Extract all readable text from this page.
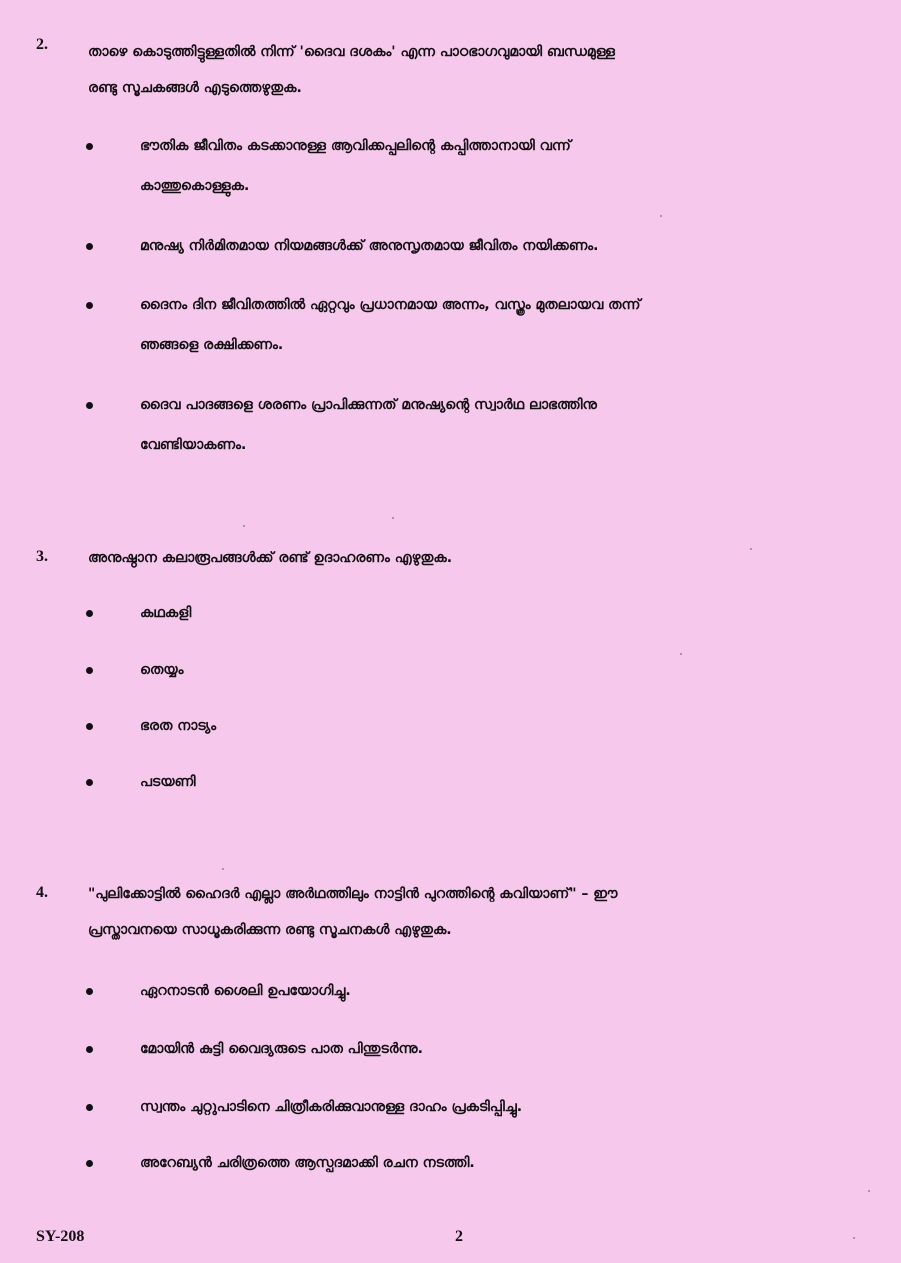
2.	താഴെ കൊടുത്തിട്ടുള്ളതിൽ നിന്ന് 'ദൈവ ദശകം' എന്ന പാഠഭാഗവുമായി ബന്ധമുള്ള
രണ്ടു സൂചകങ്ങൾ എടുത്തെഴുതുക.
ഭൗതിക ജീവിതം കടക്കാനുള്ള ആവിക്കപ്പലിന്റെ കപ്പിത്താനായി വന്ന്
കാത്തുകൊള്ളുക.
മനുഷ്യ നിർമിതമായ നിയമങ്ങൾക്ക് അനുസൃതമായ ജീവിതം നയിക്കണം.
ദൈനം ദിന ജീവിതത്തിൽ ഏറ്റവും പ്രധാനമായ അന്നം, വസ്ത്രം മുതലായവ തന്ന്
ഞങ്ങളെ രക്ഷിക്കണം.
ദൈവ പാദങ്ങളെ ശരണം പ്രാപിക്കുന്നത് മനുഷ്യന്റെ സ്വാർഥ ലാഭത്തിനു
വേണ്ടിയാകണം.
3.	അനുഷ്ഠാന കലാരൂപങ്ങൾക്ക് രണ്ട് ഉദാഹരണം എഴുതുക.
കഥകളി
തെയ്യം
ഭരത നാട്യം
പടയണി
4.	"പുലിക്കോട്ടിൽ ഹൈദർ എല്ലാ അർഥത്തിലും നാട്ടിൻ പുറത്തിന്റെ കവിയാണ്" – ഈ
പ്രസ്താവനയെ സാധൂകരിക്കുന്ന രണ്ടു സൂചനകൾ എഴുതുക.
ഏറനാടൻ ശൈലി ഉപയോഗിച്ചു.
മോയിൻ കുട്ടി വൈദ്യരുടെ പാത പിന്തുടർന്നു.
സ്വന്തം ചുറ്റുപാടിനെ ചിത്രീകരിക്കുവാനുള്ള ദാഹം പ്രകടിപ്പിച്ചു.
അറേബ്യൻ ചരിത്രത്തെ ആസ്പദമാക്കി രചന നടത്തി.
SY-208	2
